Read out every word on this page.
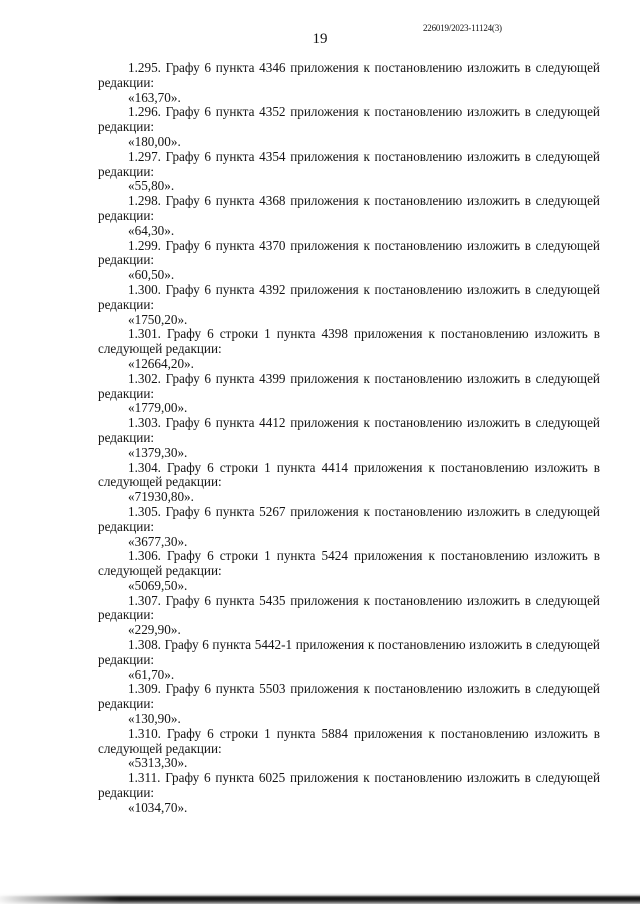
226019/2023-11124(3)
19

1.295. Графу 6 пункта 4346 приложения к постановлению изложить в следующей редакции:

«163,70».

1.296. Графу 6 пункта 4352 приложения к постановлению изложить в следующей редакции:

«180,00».

1.297. Графу 6 пункта 4354 приложения к постановлению изложить в следующей редакции:

«55,80».

1.298. Графу 6 пункта 4368 приложения к постановлению изложить в следующей редакции:

«64,30».

1.299. Графу 6 пункта 4370 приложения к постановлению изложить в следующей редакции:

«60,50».

1.300. Графу 6 пункта 4392 приложения к постановлению изложить в следующей редакции:

«1750,20».

1.301. Графу 6 строки 1 пункта 4398 приложения к постановлению изложить в следующей редакции:

«12664,20».

1.302. Графу 6 пункта 4399 приложения к постановлению изложить в следующей редакции:

«1779,00».

1.303. Графу 6 пункта 4412 приложения к постановлению изложить в следующей редакции:

«1379,30».

1.304. Графу 6 строки 1 пункта 4414 приложения к постановлению изложить в следующей редакции:

«71930,80».

1.305. Графу 6 пункта 5267 приложения к постановлению изложить в следующей редакции:

«3677,30».

1.306. Графу 6 строки 1 пункта 5424 приложения к постановлению изложить в следующей редакции:

«5069,50».

1.307. Графу 6 пункта 5435 приложения к постановлению изложить в следующей редакции:

«229,90».

1.308. Графу 6 пункта 5442-1 приложения к постановлению изложить в следующей редакции:

«61,70».

1.309. Графу 6 пункта 5503 приложения к постановлению изложить в следующей редакции:

«130,90».

1.310. Графу 6 строки 1 пункта 5884 приложения к постановлению изложить в следующей редакции:

«5313,30».

1.311. Графу 6 пункта 6025 приложения к постановлению изложить в следующей редакции:

«1034,70».
